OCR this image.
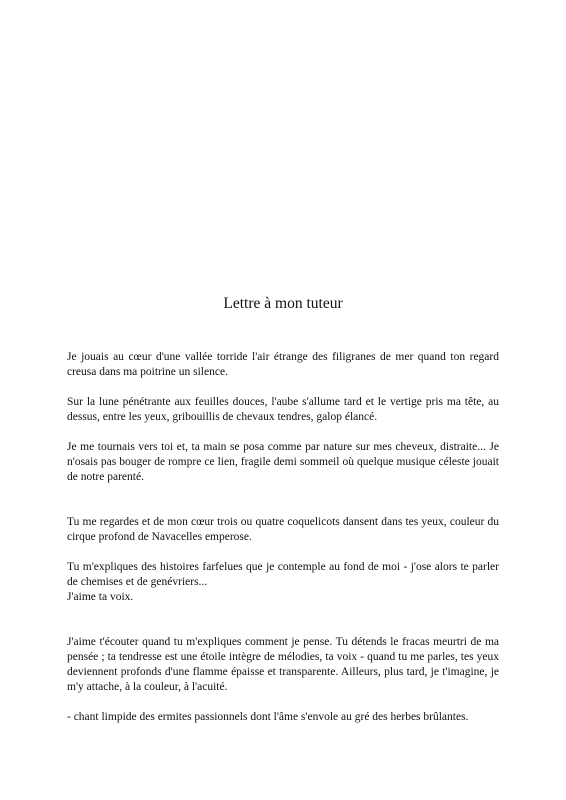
Lettre à mon tuteur

Je jouais au cœur d'une vallée torride l'air étrange des filigranes de mer quand ton regard creusa dans ma poitrine un silence.

Sur la lune pénétrante aux feuilles douces, l'aube s'allume tard et le vertige pris ma tête, au dessus, entre les yeux, gribouillis de chevaux tendres, galop élancé.

Je me tournais vers toi et, ta main se posa comme par nature sur mes cheveux, distraite... Je n'osais pas bouger de rompre ce lien, fragile demi sommeil où quelque musique céleste jouait de notre parenté.

Tu me regardes et de mon cœur trois ou quatre coquelicots dansent dans tes yeux, couleur du cirque profond de Navacelles emperose.

Tu m'expliques des histoires farfelues que je contemple au fond de moi - j'ose alors te parler de chemises et de genévriers...

J'aime ta voix.

J'aime t'écouter quand tu m'expliques comment je pense. Tu détends le fracas meurtri de ma pensée ; ta tendresse est une étoile intègre de mélodies, ta voix - quand tu me parles, tes yeux deviennent profonds d'une flamme épaisse et transparente. Ailleurs, plus tard, je t'imagine, je m'y attache, à la couleur, à l'acuité.

- chant limpide des ermites passionnels dont l'âme s'envole au gré des herbes brûlantes.
